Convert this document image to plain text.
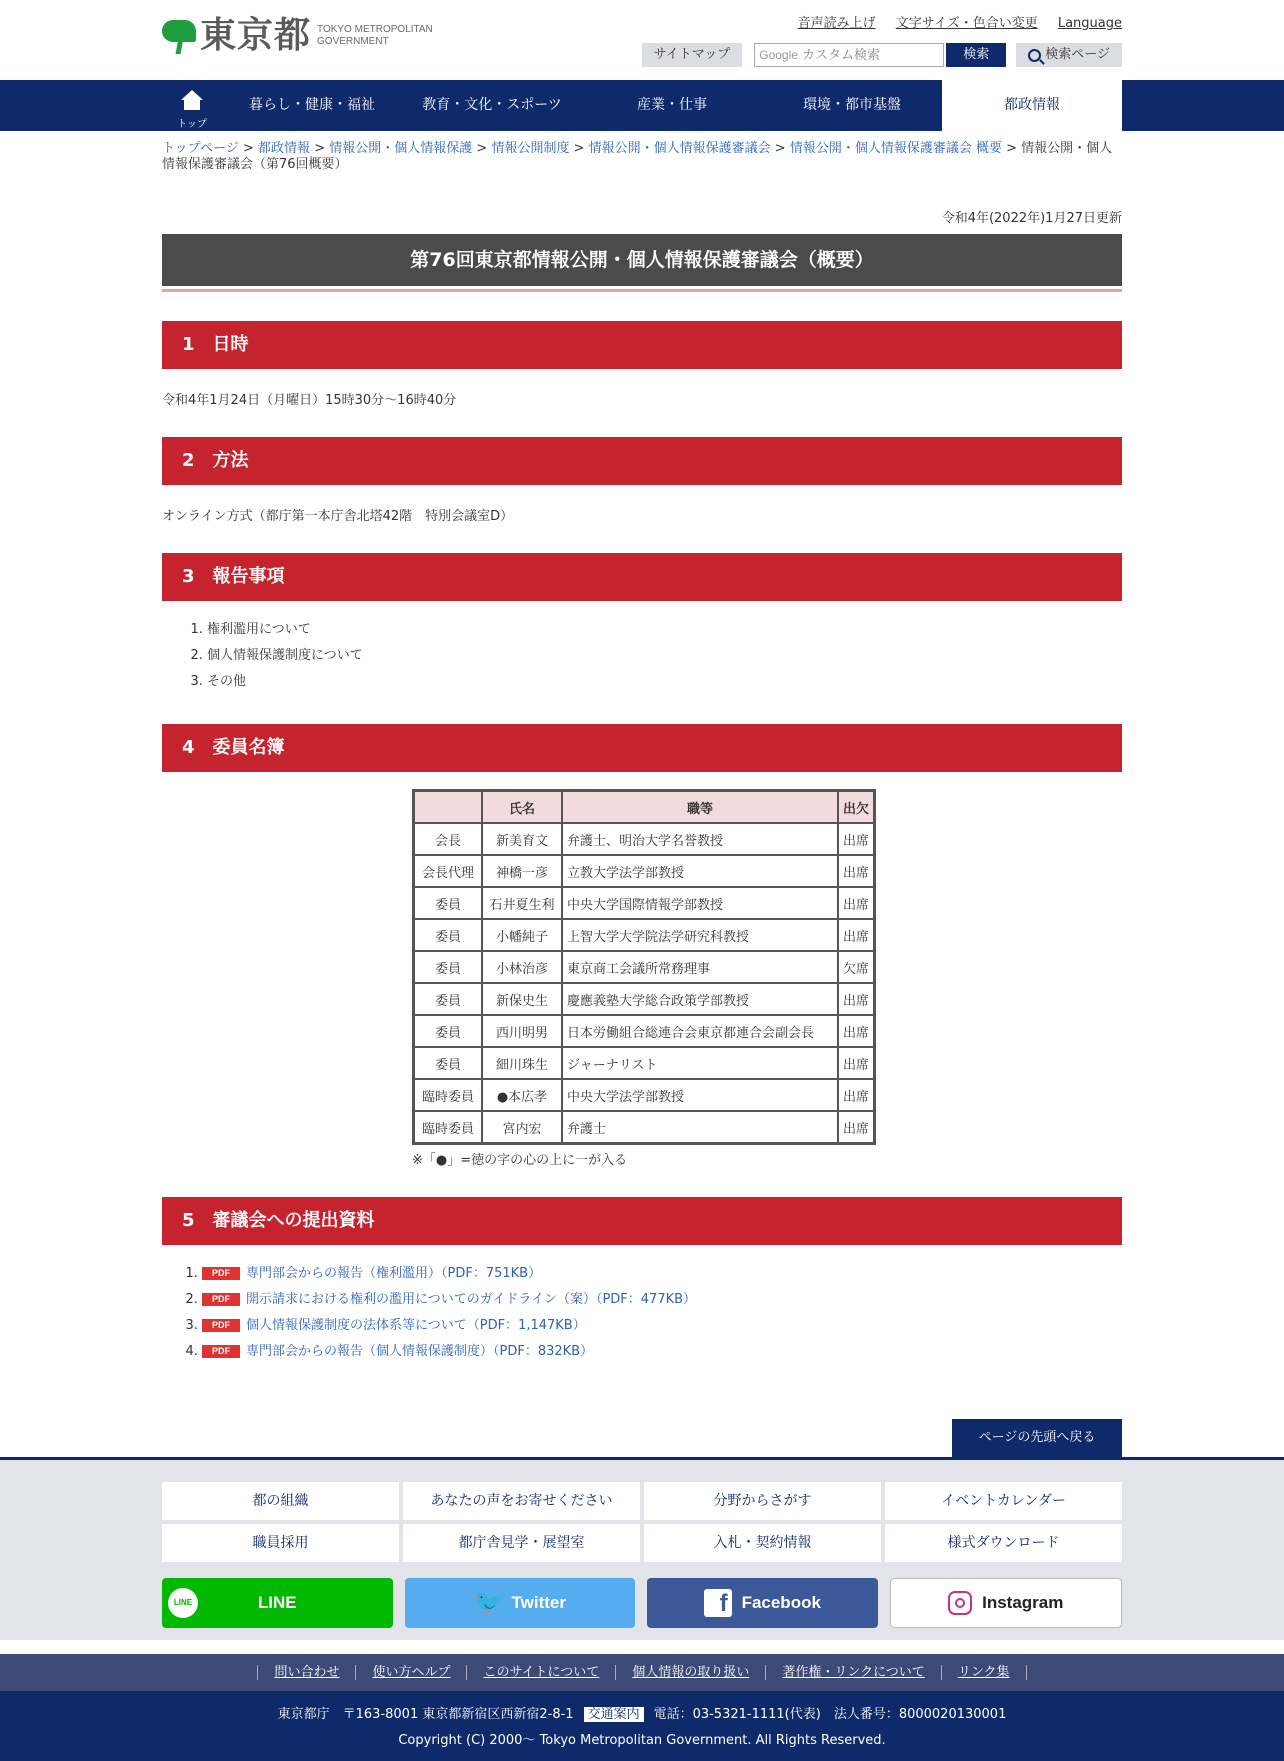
東京都 TOKYO METROPOLITAN
GOVERNMENT
音声読み上げ 文字サイズ・色合い変更 Language
サイトマップ	Google カスタム検索	検索	検索ページ
トップ
暮らし・健康・福祉	教育・文化・スポーツ	産業・仕事	環境・都市基盤	都政情報
トップページ > 都政情報 > 情報公開・個人情報保護 > 情報公開制度 > 情報公開・個人情報保護審議会 > 情報公開・個人情報保護審議会 概要 > 情報公開・個人情報保護審議会（第76回概要）
令和4年(2022年)1月27日更新
第76回東京都情報公開・個人情報保護審議会（概要）
1　日時
令和4年1月24日（月曜日）15時30分～16時40分
2　方法
オンライン方式（都庁第一本庁舎北塔42階　特別会議室D）
3　報告事項
1. 権利濫用について
2. 個人情報保護制度について
3. その他
4　委員名簿
	氏名	職等	出欠
会長	新美育文	弁護士、明治大学名誉教授	出席
会長代理	神橋一彦	立教大学法学部教授	出席
委員	石井夏生利	中央大学国際情報学部教授	出席
委員	小幡純子	上智大学大学院法学研究科教授	出席
委員	小林治彦	東京商工会議所常務理事	欠席
委員	新保史生	慶應義塾大学総合政策学部教授	出席
委員	西川明男	日本労働組合総連合会東京都連合会副会長	出席
委員	細川珠生	ジャーナリスト	出席
臨時委員	●本広孝	中央大学法学部教授	出席
臨時委員	宮内宏	弁護士	出席
※「●」=徳の字の心の上に一が入る
5　審議会への提出資料
1. PDF 専門部会からの報告（権利濫用）（PDF：751KB）
2. PDF 開示請求における権利の濫用についてのガイドライン（案）（PDF：477KB）
3. PDF 個人情報保護制度の法体系等について（PDF：1,147KB）
4. PDF 専門部会からの報告（個人情報保護制度）（PDF：832KB）
ページの先頭へ戻る
都の組織	あなたの声をお寄せください	分野からさがす	イベントカレンダー
職員採用	都庁舎見学・展望室	入札・契約情報	様式ダウンロード
LINE	LINE	🐦 Twitter	f Facebook	Instagram
問い合わせ	使い方ヘルプ	このサイトについて	個人情報の取り扱い	著作権・リンクについて	リンク集
東京都庁　〒163-8001 東京都新宿区西新宿2-8-1 交通案内 電話：03-5321-1111(代表)　法人番号：8000020130001
Copyright (C) 2000～ Tokyo Metropolitan Government. All Rights Reserved.
